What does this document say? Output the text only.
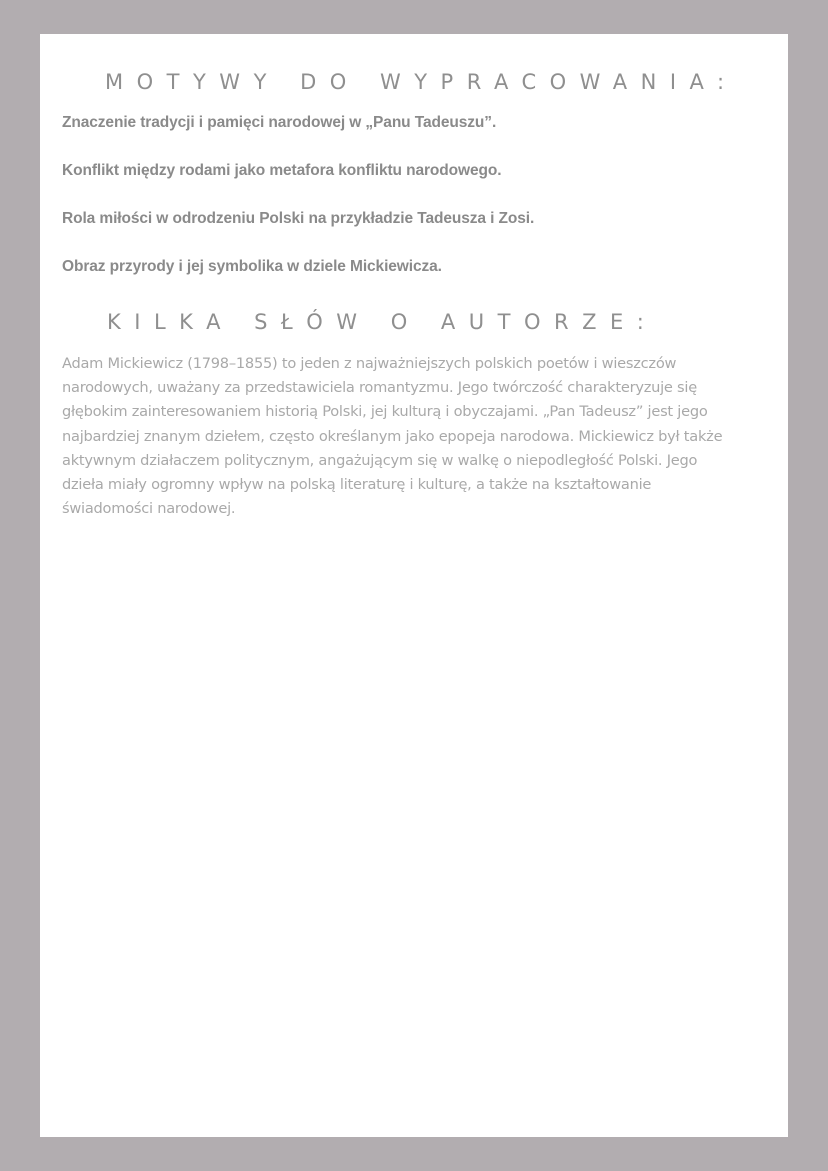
MOTYWY DO WYPRACOWANIA:

Znaczenie tradycji i pamięci narodowej w „Panu Tadeuszu”.

Konflikt między rodami jako metafora konfliktu narodowego.

Rola miłości w odrodzeniu Polski na przykładzie Tadeusza i Zosi.

Obraz przyrody i jej symbolika w dziele Mickiewicza.

KILKA SŁÓW O AUTORZE:

Adam Mickiewicz (1798–1855) to jeden z najważniejszych polskich poetów i wieszczów
narodowych, uważany za przedstawiciela romantyzmu. Jego twórczość charakteryzuje się
głębokim zainteresowaniem historią Polski, jej kulturą i obyczajami. „Pan Tadeusz” jest jego
najbardziej znanym dziełem, często określanym jako epopeja narodowa. Mickiewicz był także
aktywnym działaczem politycznym, angażującym się w walkę o niepodległość Polski. Jego
dzieła miały ogromny wpływ na polską literaturę i kulturę, a także na kształtowanie
świadomości narodowej.
